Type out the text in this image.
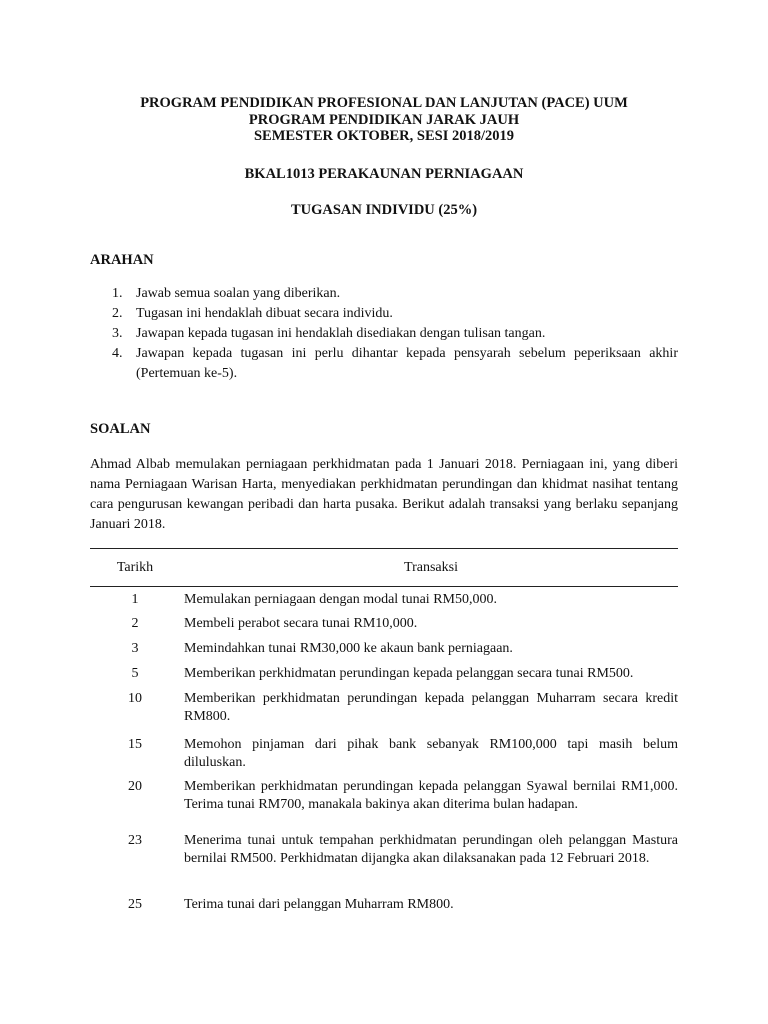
PROGRAM PENDIDIKAN PROFESIONAL DAN LANJUTAN (PACE) UUM
PROGRAM PENDIDIKAN JARAK JAUH
SEMESTER OKTOBER, SESI 2018/2019
BKAL1013 PERAKAUNAN PERNIAGAAN
TUGASAN INDIVIDU (25%)
ARAHAN
1. Jawab semua soalan yang diberikan.
2. Tugasan ini hendaklah dibuat secara individu.
3. Jawapan kepada tugasan ini hendaklah disediakan dengan tulisan tangan.
4. Jawapan kepada tugasan ini perlu dihantar kepada pensyarah sebelum peperiksaan akhir (Pertemuan ke-5).
SOALAN
Ahmad Albab memulakan perniagaan perkhidmatan pada 1 Januari 2018. Perniagaan ini, yang diberi nama Perniagaan Warisan Harta, menyediakan perkhidmatan perundingan dan khidmat nasihat tentang cara pengurusan kewangan peribadi dan harta pusaka. Berikut adalah transaksi yang berlaku sepanjang Januari 2018.
Tarikh	Transaksi
1	Memulakan perniagaan dengan modal tunai RM50,000.
2	Membeli perabot secara tunai RM10,000.
3	Memindahkan tunai RM30,000 ke akaun bank perniagaan.
5	Memberikan perkhidmatan perundingan kepada pelanggan secara tunai RM500.
10	Memberikan perkhidmatan perundingan kepada pelanggan Muharram secara kredit RM800.
15	Memohon pinjaman dari pihak bank sebanyak RM100,000 tapi masih belum diluluskan.
20	Memberikan perkhidmatan perundingan kepada pelanggan Syawal bernilai RM1,000. Terima tunai RM700, manakala bakinya akan diterima bulan hadapan.
23	Menerima tunai untuk tempahan perkhidmatan perundingan oleh pelanggan Mastura bernilai RM500. Perkhidmatan dijangka akan dilaksanakan pada 12 Februari 2018.
25	Terima tunai dari pelanggan Muharram RM800.
